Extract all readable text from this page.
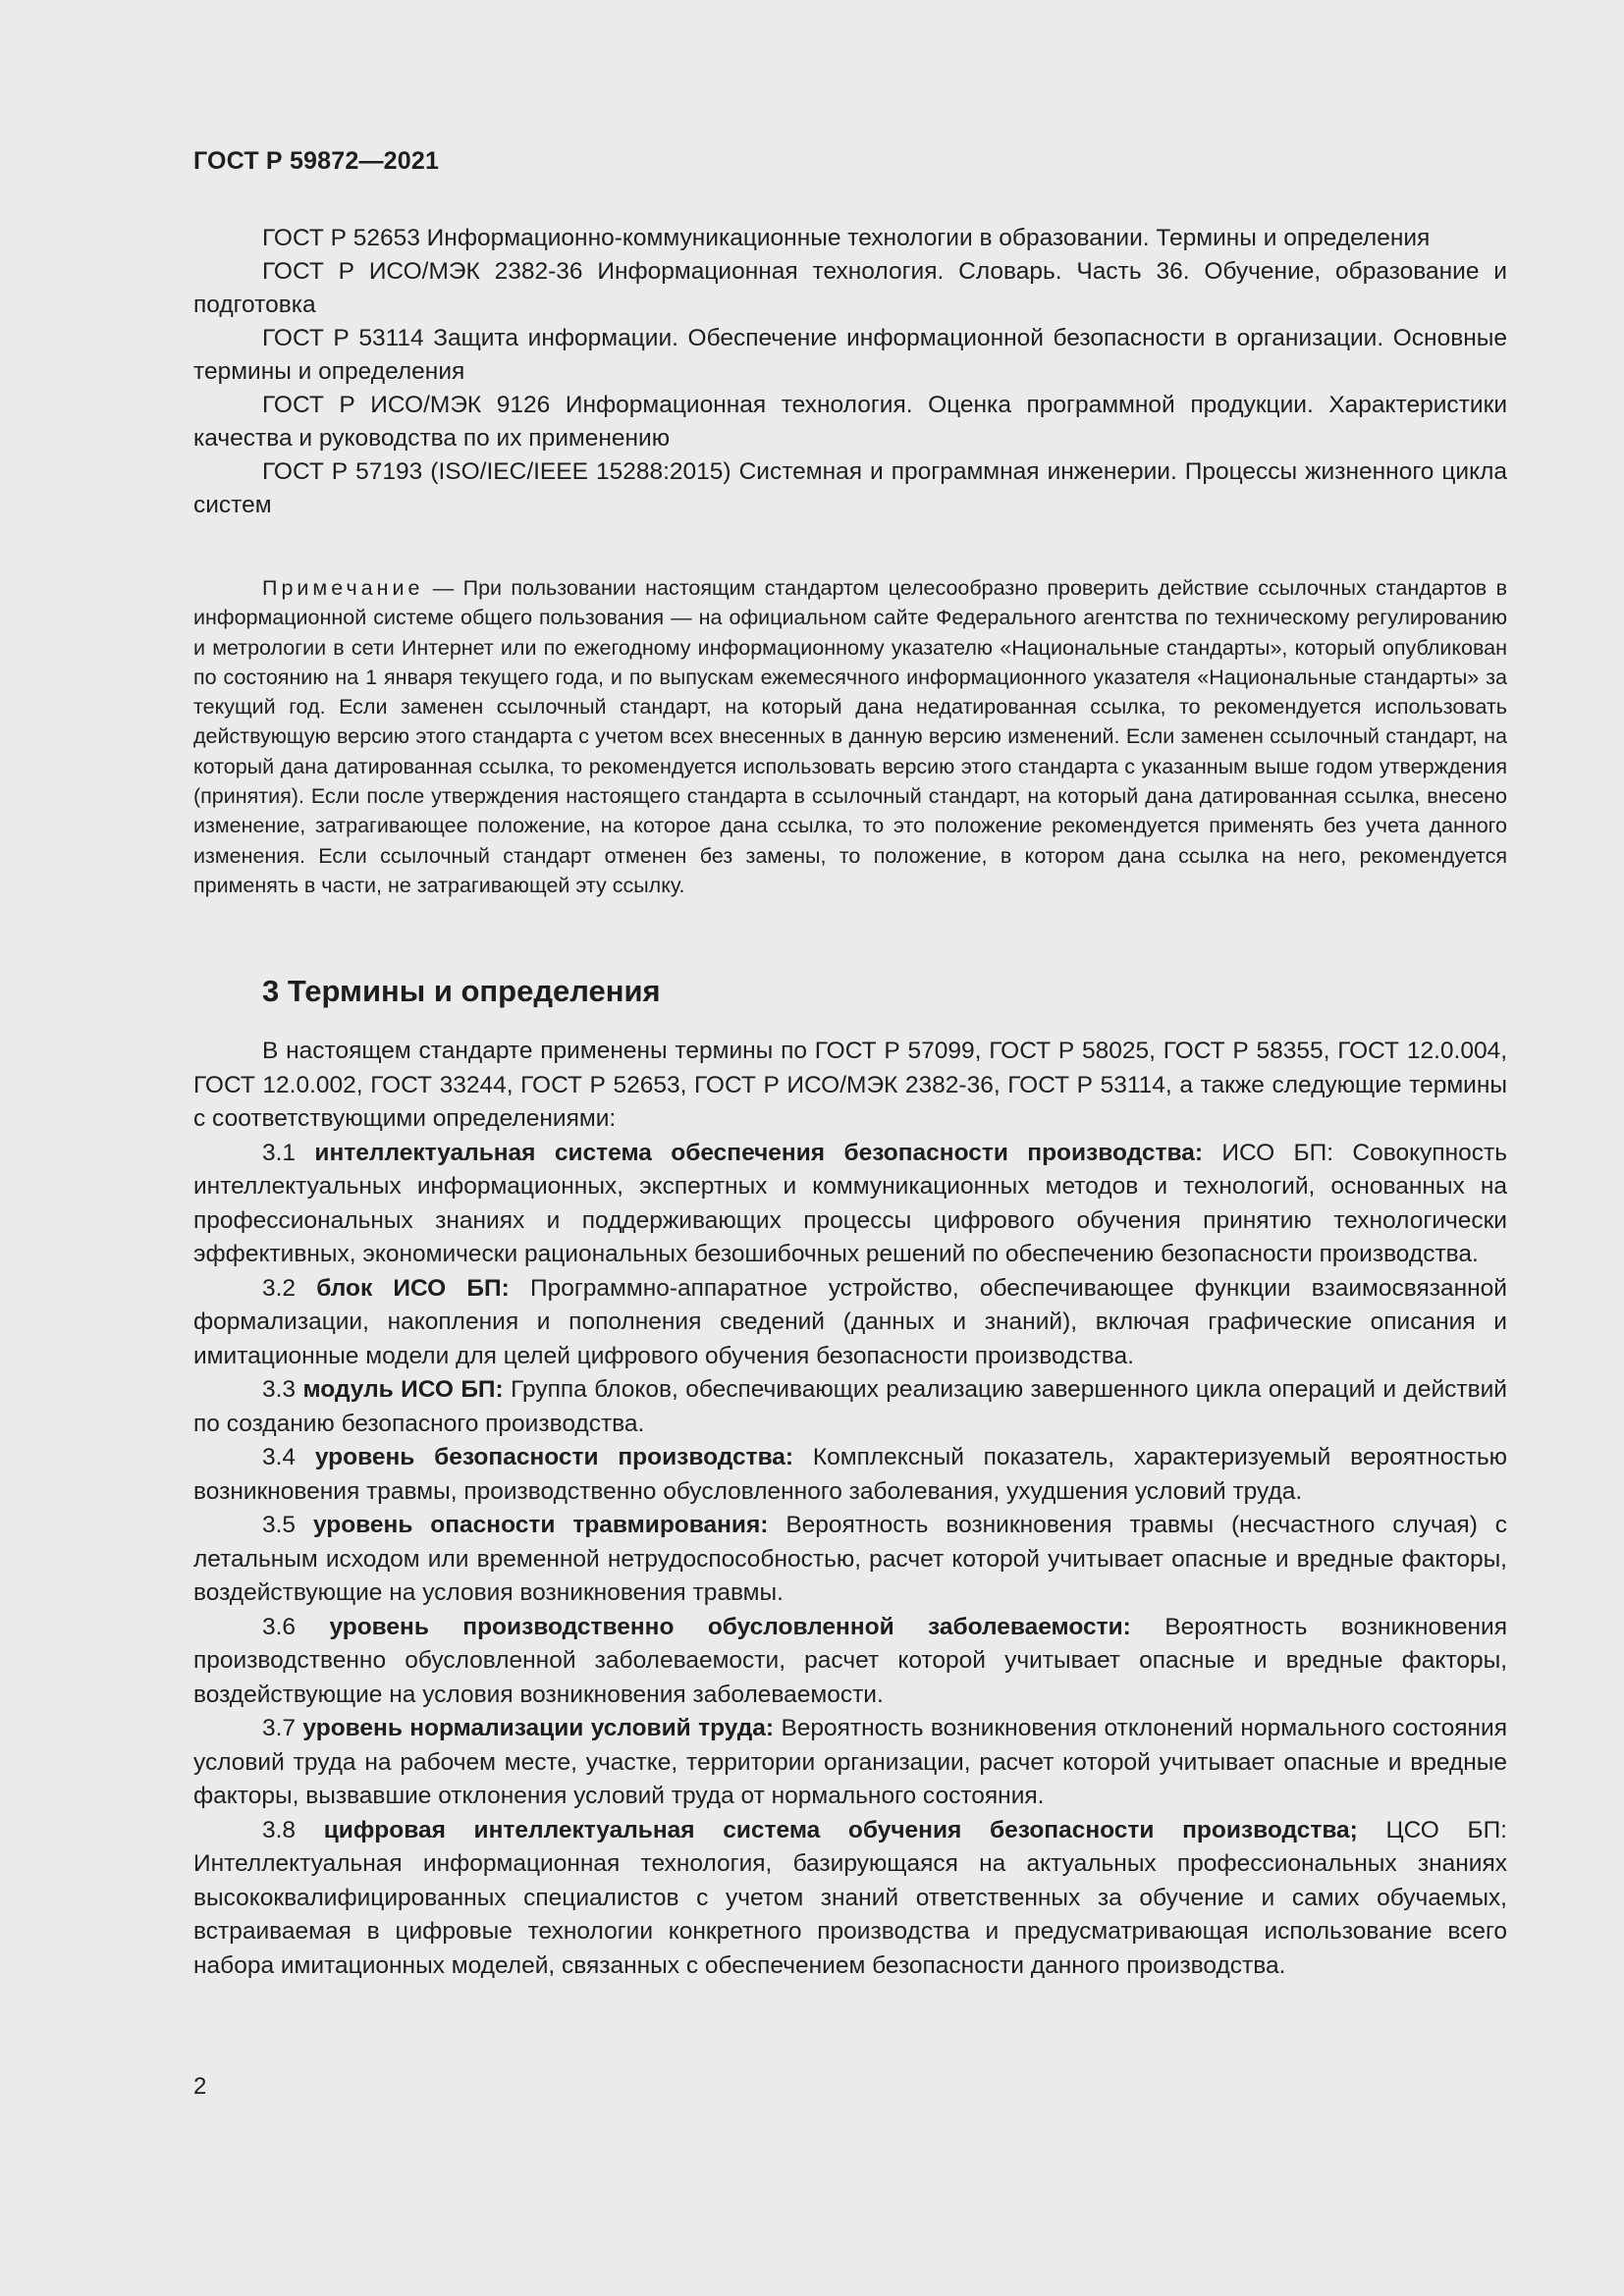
ГОСТ Р 59872—2021

ГОСТ Р 52653 Информационно-коммуникационные технологии в образовании. Термины и определения

ГОСТ Р ИСО/МЭК 2382-36 Информационная технология. Словарь. Часть 36. Обучение, образование и подготовка

ГОСТ Р 53114 Защита информации. Обеспечение информационной безопасности в организации. Основные термины и определения

ГОСТ Р ИСО/МЭК 9126 Информационная технология. Оценка программной продукции. Характеристики качества и руководства по их применению

ГОСТ Р 57193 (ISO/IEC/IEEE 15288:2015) Системная и программная инженерии. Процессы жизненного цикла систем

Примечание — При пользовании настоящим стандартом целесообразно проверить действие ссылочных стандартов в информационной системе общего пользования — на официальном сайте Федерального агентства по техническому регулированию и метрологии в сети Интернет или по ежегодному информационному указателю «Национальные стандарты», который опубликован по состоянию на 1 января текущего года, и по выпускам ежемесячного информационного указателя «Национальные стандарты» за текущий год. Если заменен ссылочный стандарт, на который дана недатированная ссылка, то рекомендуется использовать действующую версию этого стандарта с учетом всех внесенных в данную версию изменений. Если заменен ссылочный стандарт, на который дана датированная ссылка, то рекомендуется использовать версию этого стандарта с указанным выше годом утверждения (принятия). Если после утверждения настоящего стандарта в ссылочный стандарт, на который дана датированная ссылка, внесено изменение, затрагивающее положение, на которое дана ссылка, то это положение рекомендуется применять без учета данного изменения. Если ссылочный стандарт отменен без замены, то положение, в котором дана ссылка на него, рекомендуется применять в части, не затрагивающей эту ссылку.

3 Термины и определения

В настоящем стандарте применены термины по ГОСТ Р 57099, ГОСТ Р 58025, ГОСТ Р 58355, ГОСТ 12.0.004, ГОСТ 12.0.002, ГОСТ 33244, ГОСТ Р 52653, ГОСТ Р ИСО/МЭК 2382-36, ГОСТ Р 53114, а также следующие термины с соответствующими определениями:

3.1 интеллектуальная система обеспечения безопасности производства: ИСО БП: Совокупность интеллектуальных информационных, экспертных и коммуникационных методов и технологий, основанных на профессиональных знаниях и поддерживающих процессы цифрового обучения принятию технологически эффективных, экономически рациональных безошибочных решений по обеспечению безопасности производства.

3.2 блок ИСО БП: Программно-аппаратное устройство, обеспечивающее функции взаимосвязанной формализации, накопления и пополнения сведений (данных и знаний), включая графические описания и имитационные модели для целей цифрового обучения безопасности производства.

3.3 модуль ИСО БП: Группа блоков, обеспечивающих реализацию завершенного цикла операций и действий по созданию безопасного производства.

3.4 уровень безопасности производства: Комплексный показатель, характеризуемый вероятностью возникновения травмы, производственно обусловленного заболевания, ухудшения условий труда.

3.5 уровень опасности травмирования: Вероятность возникновения травмы (несчастного случая) с летальным исходом или временной нетрудоспособностью, расчет которой учитывает опасные и вредные факторы, воздействующие на условия возникновения травмы.

3.6 уровень производственно обусловленной заболеваемости: Вероятность возникновения производственно обусловленной заболеваемости, расчет которой учитывает опасные и вредные факторы, воздействующие на условия возникновения заболеваемости.

3.7 уровень нормализации условий труда: Вероятность возникновения отклонений нормального состояния условий труда на рабочем месте, участке, территории организации, расчет которой учитывает опасные и вредные факторы, вызвавшие отклонения условий труда от нормального состояния.

3.8 цифровая интеллектуальная система обучения безопасности производства; ЦСО БП: Интеллектуальная информационная технология, базирующаяся на актуальных профессиональных знаниях высококвалифицированных специалистов с учетом знаний ответственных за обучение и самих обучаемых, встраиваемая в цифровые технологии конкретного производства и предусматривающая использование всего набора имитационных моделей, связанных с обеспечением безопасности данного производства.

2
